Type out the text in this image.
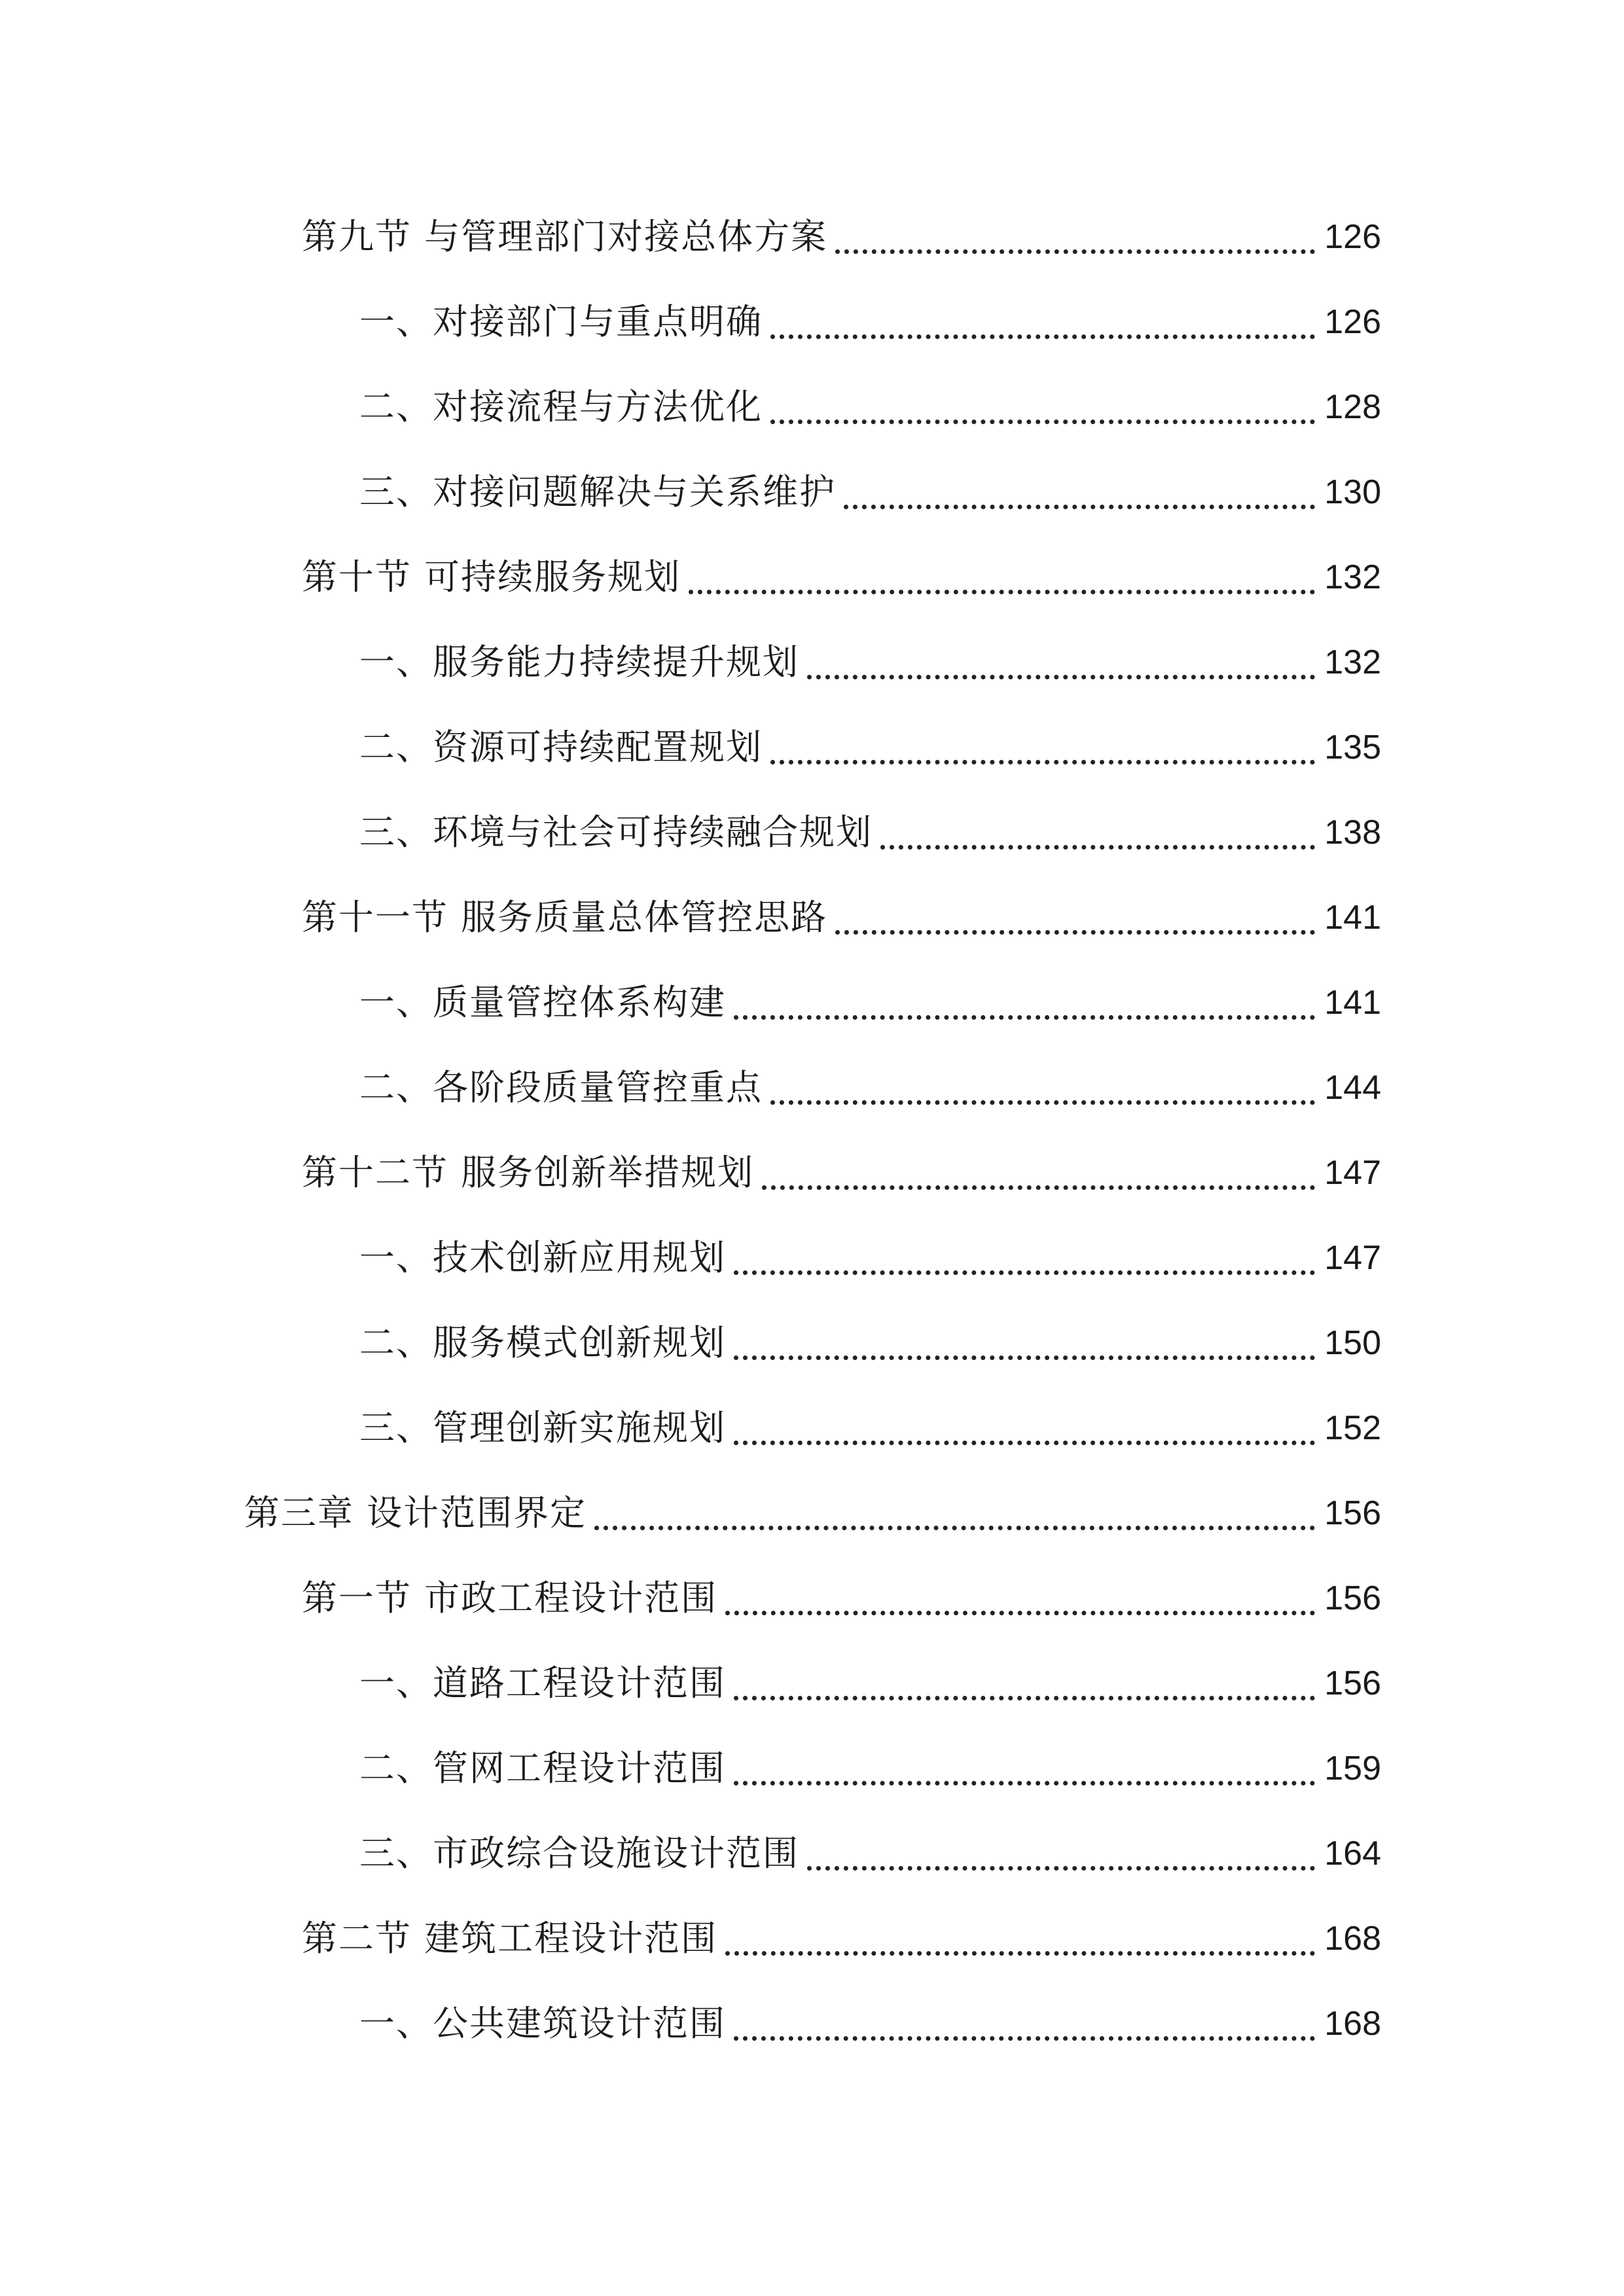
第九节 与管理部门对接总体方案	126
一、对接部门与重点明确	126
二、对接流程与方法优化	128
三、对接问题解决与关系维护	130
第十节 可持续服务规划	132
一、服务能力持续提升规划	132
二、资源可持续配置规划	135
三、环境与社会可持续融合规划	138
第十一节 服务质量总体管控思路	141
一、质量管控体系构建	141
二、各阶段质量管控重点	144
第十二节 服务创新举措规划	147
一、技术创新应用规划	147
二、服务模式创新规划	150
三、管理创新实施规划	152
第三章 设计范围界定	156
第一节 市政工程设计范围	156
一、道路工程设计范围	156
二、管网工程设计范围	159
三、市政综合设施设计范围	164
第二节 建筑工程设计范围	168
一、公共建筑设计范围	168
